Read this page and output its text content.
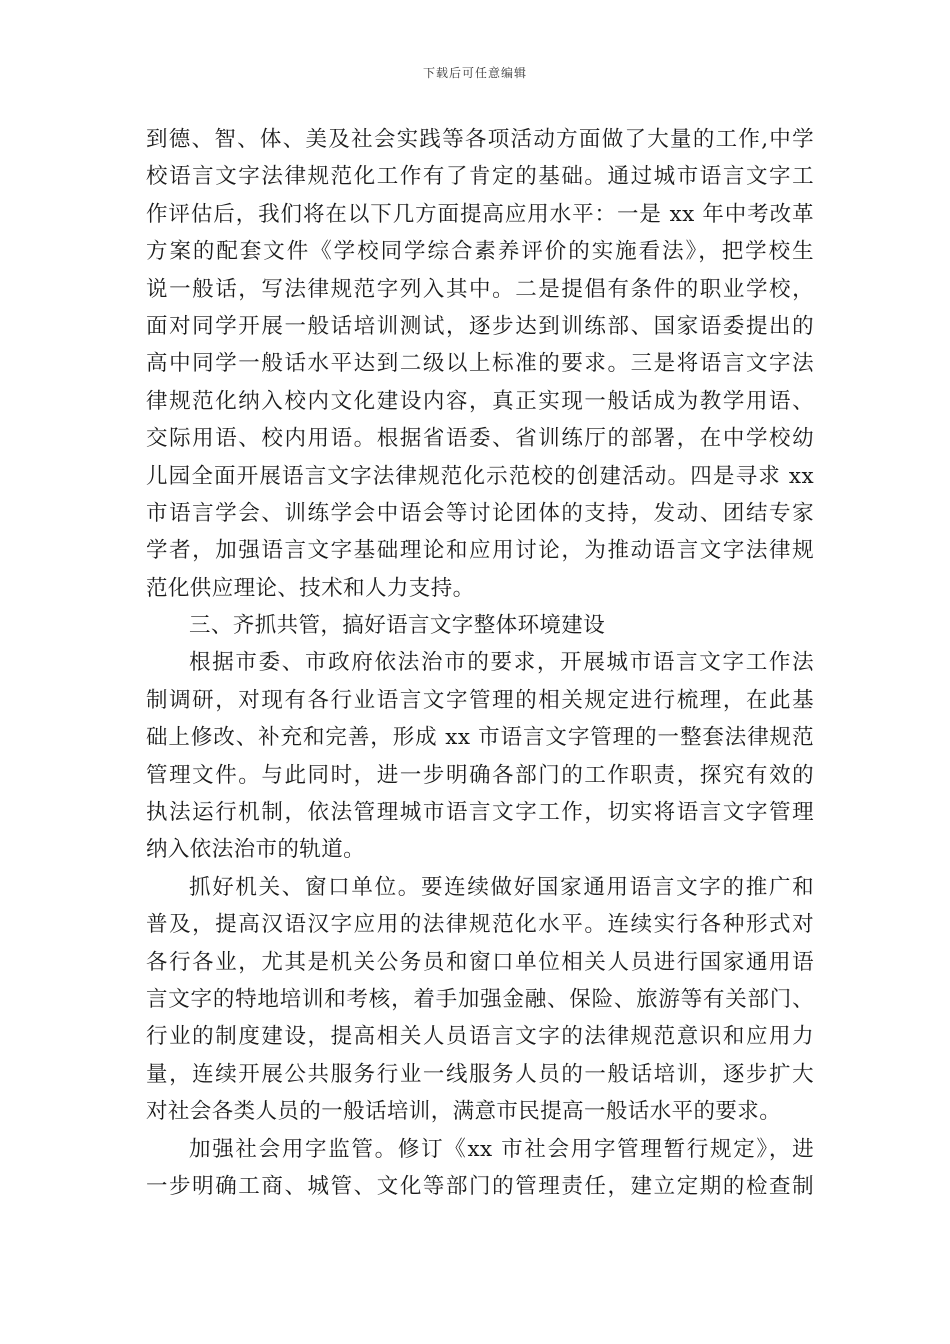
下载后可任意编辑
到德、智、体、美及社会实践等各项活动方面做了大量的工作,中学
校语言文字法律规范化工作有了肯定的基础。通过城市语言文字工
作评估后，我们将在以下几方面提高应用水平：一是 xx 年中考改革
方案的配套文件《学校同学综合素养评价的实施看法》，把学校生
说一般话，写法律规范字列入其中。二是提倡有条件的职业学校，
面对同学开展一般话培训测试，逐步达到训练部、国家语委提出的
高中同学一般话水平达到二级以上标准的要求。三是将语言文字法
律规范化纳入校内文化建设内容，真正实现一般话成为教学用语、
交际用语、校内用语。根据省语委、省训练厅的部署，在中学校幼
儿园全面开展语言文字法律规范化示范校的创建活动。四是寻求 xx
市语言学会、训练学会中语会等讨论团体的支持，发动、团结专家
学者，加强语言文字基础理论和应用讨论，为推动语言文字法律规
范化供应理论、技术和人力支持。
三、齐抓共管，搞好语言文字整体环境建设
根据市委、市政府依法治市的要求，开展城市语言文字工作法
制调研，对现有各行业语言文字管理的相关规定进行梳理，在此基
础上修改、补充和完善，形成 xx 市语言文字管理的一整套法律规范
管理文件。与此同时，进一步明确各部门的工作职责，探究有效的
执法运行机制，依法管理城市语言文字工作，切实将语言文字管理
纳入依法治市的轨道。
抓好机关、窗口单位。要连续做好国家通用语言文字的推广和
普及，提高汉语汉字应用的法律规范化水平。连续实行各种形式对
各行各业，尤其是机关公务员和窗口单位相关人员进行国家通用语
言文字的特地培训和考核，着手加强金融、保险、旅游等有关部门、
行业的制度建设，提高相关人员语言文字的法律规范意识和应用力
量，连续开展公共服务行业一线服务人员的一般话培训，逐步扩大
对社会各类人员的一般话培训，满意市民提高一般话水平的要求。
加强社会用字监管。修订《xx 市社会用字管理暂行规定》，进
一步明确工商、城管、文化等部门的管理责任，建立定期的检查制
